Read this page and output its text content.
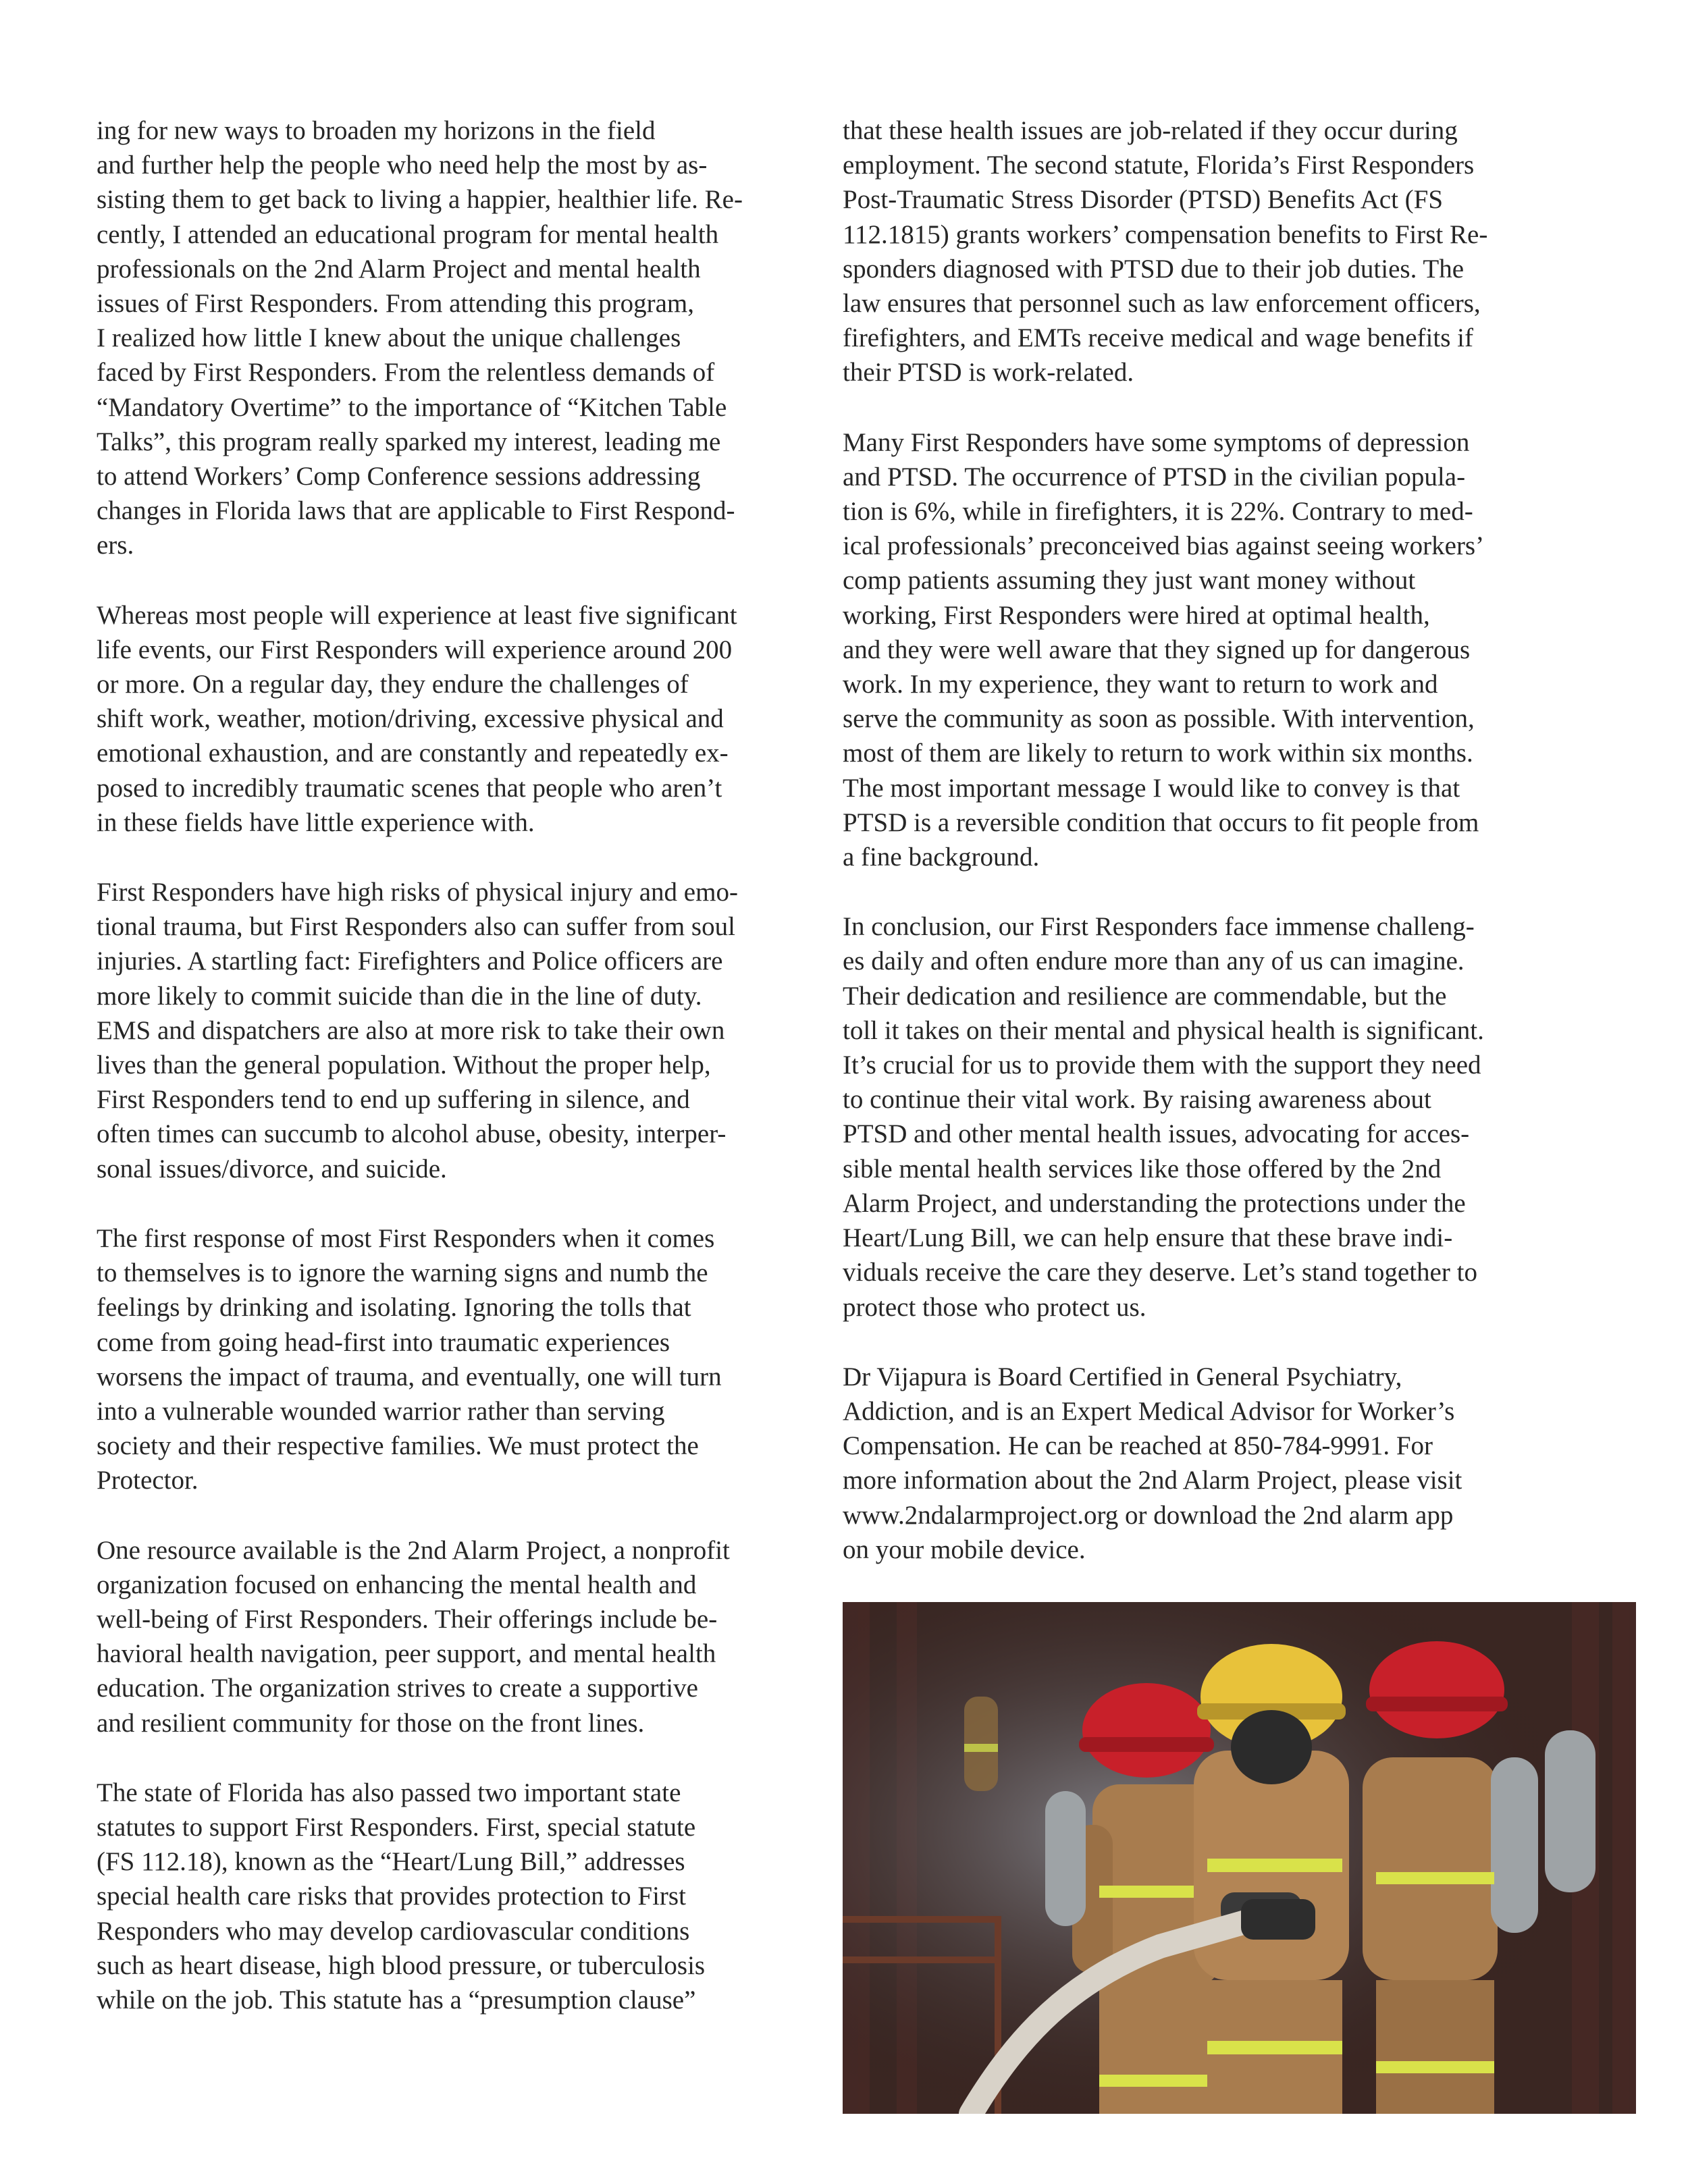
ing for new ways to broaden my horizons in the field
and further help the people who need help the most by as-
sisting them to get back to living a happier, healthier life. Re-
cently, I attended an educational program for mental health
professionals on the 2nd Alarm Project and mental health
issues of First Responders. From attending this program,
I realized how little I knew about the unique challenges
faced by First Responders. From the relentless demands of
“Mandatory Overtime” to the importance of “Kitchen Table
Talks”, this program really sparked my interest, leading me
to attend Workers’ Comp Conference sessions addressing
changes in Florida laws that are applicable to First Respond-
ers.

Whereas most people will experience at least five significant
life events, our First Responders will experience around 200
or more. On a regular day, they endure the challenges of
shift work, weather, motion/driving, excessive physical and
emotional exhaustion, and are constantly and repeatedly ex-
posed to incredibly traumatic scenes that people who aren’t
in these fields have little experience with.

First Responders have high risks of physical injury and emo-
tional trauma, but First Responders also can suffer from soul
injuries. A startling fact: Firefighters and Police officers are
more likely to commit suicide than die in the line of duty.
EMS and dispatchers are also at more risk to take their own
lives than the general population. Without the proper help,
First Responders tend to end up suffering in silence, and
often times can succumb to alcohol abuse, obesity, interper-
sonal issues/divorce, and suicide.

The first response of most First Responders when it comes
to themselves is to ignore the warning signs and numb the
feelings by drinking and isolating. Ignoring the tolls that
come from going head-first into traumatic experiences
worsens the impact of trauma, and eventually, one will turn
into a vulnerable wounded warrior rather than serving
society and their respective families. We must protect the
Protector.

One resource available is the 2nd Alarm Project, a nonprofit
organization focused on enhancing the mental health and
well-being of First Responders. Their offerings include be-
havioral health navigation, peer support, and mental health
education. The organization strives to create a supportive
and resilient community for those on the front lines.

The state of Florida has also passed two important state
statutes to support First Responders. First, special statute
(FS 112.18), known as the “Heart/Lung Bill,” addresses
special health care risks that provides protection to First
Responders who may develop cardiovascular conditions
such as heart disease, high blood pressure, or tuberculosis
while on the job. This statute has a “presumption clause”

that these health issues are job-related if they occur during
employment. The second statute, Florida’s First Responders
Post-Traumatic Stress Disorder (PTSD) Benefits Act (FS
112.1815) grants workers’ compensation benefits to First Re-
sponders diagnosed with PTSD due to their job duties. The
law ensures that personnel such as law enforcement officers,
firefighters, and EMTs receive medical and wage benefits if
their PTSD is work-related.

Many First Responders have some symptoms of depression
and PTSD. The occurrence of PTSD in the civilian popula-
tion is 6%, while in firefighters, it is 22%. Contrary to med-
ical professionals’ preconceived bias against seeing workers’
comp patients assuming they just want money without
working, First Responders were hired at optimal health,
and they were well aware that they signed up for dangerous
work. In my experience, they want to return to work and
serve the community as soon as possible. With intervention,
most of them are likely to return to work within six months.
The most important message I would like to convey is that
PTSD is a reversible condition that occurs to fit people from
a fine background.

In conclusion, our First Responders face immense challeng-
es daily and often endure more than any of us can imagine.
Their dedication and resilience are commendable, but the
toll it takes on their mental and physical health is significant.
It’s crucial for us to provide them with the support they need
to continue their vital work. By raising awareness about
PTSD and other mental health issues, advocating for acces-
sible mental health services like those offered by the 2nd
Alarm Project, and understanding the protections under the
Heart/Lung Bill, we can help ensure that these brave indi-
viduals receive the care they deserve. Let’s stand together to
protect those who protect us.

Dr Vijapura is Board Certified in General Psychiatry,
Addiction, and is an Expert Medical Advisor for Worker’s
Compensation. He can be reached at 850-784-9991. For
more information about the 2nd Alarm Project, please visit
www.2ndalarmproject.org or download the 2nd alarm app
on your mobile device.
